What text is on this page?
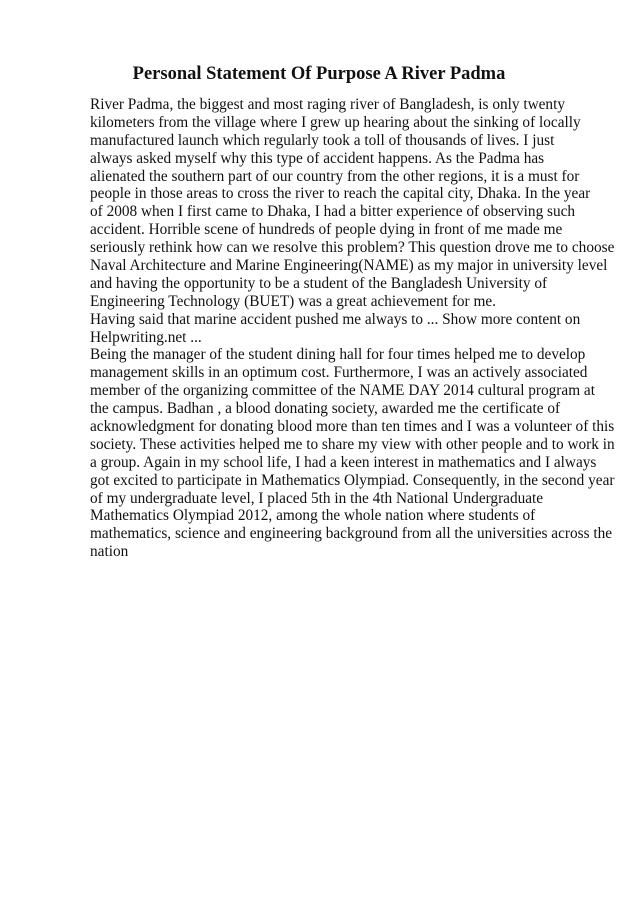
Personal Statement Of Purpose A River Padma
River Padma, the biggest and most raging river of Bangladesh, is only twenty
kilometers from the village where I grew up hearing about the sinking of locally
manufactured launch which regularly took a toll of thousands of lives. I just
always asked myself why this type of accident happens. As the Padma has
alienated the southern part of our country from the other regions, it is a must for
people in those areas to cross the river to reach the capital city, Dhaka. In the year
of 2008 when I first came to Dhaka, I had a bitter experience of observing such
accident. Horrible scene of hundreds of people dying in front of me made me
seriously rethink how can we resolve this problem? This question drove me to choose
Naval Architecture and Marine Engineering(NAME) as my major in university level
and having the opportunity to be a student of the Bangladesh University of
Engineering Technology (BUET) was a great achievement for me.
Having said that marine accident pushed me always to ... Show more content on
Helpwriting.net ...
Being the manager of the student dining hall for four times helped me to develop
management skills in an optimum cost. Furthermore, I was an actively associated
member of the organizing committee of the NAME DAY 2014 cultural program at
the campus. Badhan , a blood donating society, awarded me the certificate of
acknowledgment for donating blood more than ten times and I was a volunteer of this
society. These activities helped me to share my view with other people and to work in
a group. Again in my school life, I had a keen interest in mathematics and I always
got excited to participate in Mathematics Olympiad. Consequently, in the second year
of my undergraduate level, I placed 5th in the 4th National Undergraduate
Mathematics Olympiad 2012, among the whole nation where students of
mathematics, science and engineering background from all the universities across the
nation
